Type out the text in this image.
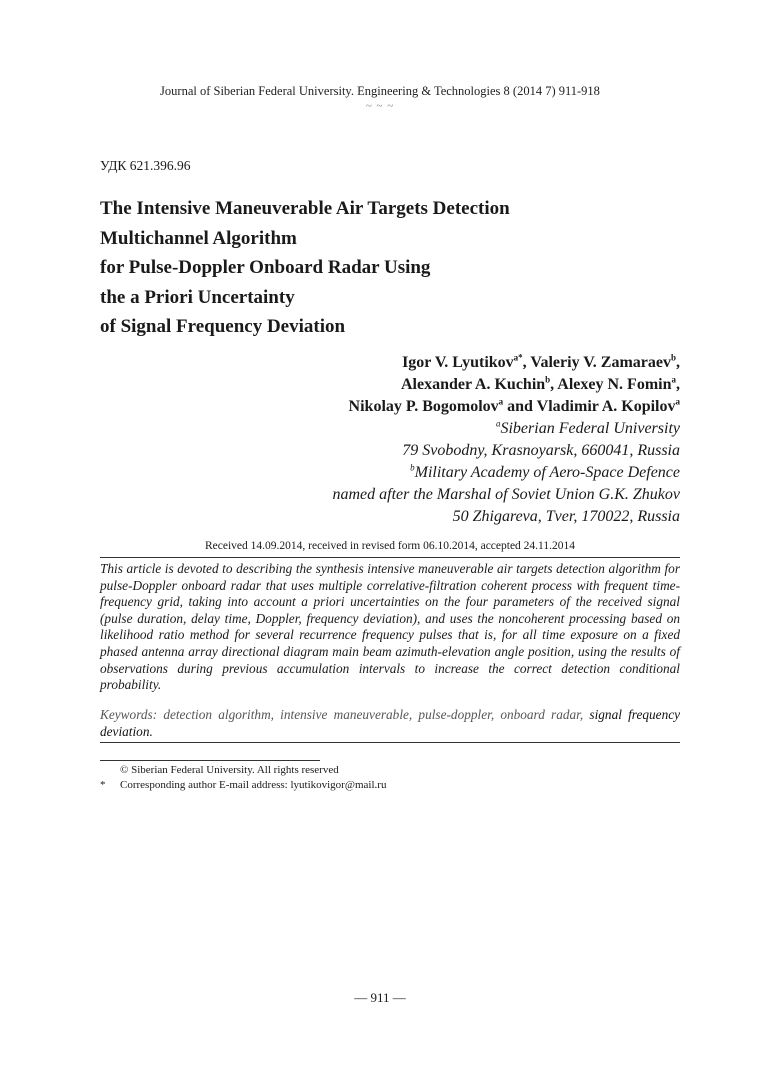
Journal of Siberian Federal University. Engineering & Technologies 8 (2014 7) 911-918
~ ~ ~
УДК 621.396.96
The Intensive Maneuverable Air Targets Detection
Multichannel Algorithm
for Pulse-Doppler Onboard Radar Using
the a Priori Uncertainty
of Signal Frequency Deviation
Igor V. Lyutikov$^{a*}$, Valeriy V. Zamaraev$^b$,
Alexander A. Kuchin$^b$, Alexey N. Fomin$^a$,
Nikolay P. Bogomolov$^a$ and Vladimir A. Kopilov$^a$
$^a$Siberian Federal University
79 Svobodny, Krasnoyarsk, 660041, Russia
$^b$Military Academy of Aero-Space Defence
named after the Marshal of Soviet Union G.K. Zhukov
50 Zhigareva, Tver, 170022, Russia
Received 14.09.2014, received in revised form 06.10.2014, accepted 24.11.2014
This article is devoted to describing the synthesis intensive maneuverable air targets detection algorithm for pulse-Doppler onboard radar that uses multiple correlative-filtration coherent process with frequent time-frequency grid, taking into account a priori uncertainties on the four parameters of the received signal (pulse duration, delay time, Doppler, frequency deviation), and uses the noncoherent processing based on likelihood ratio method for several recurrence frequency pulses that is, for all time exposure on a fixed phased antenna array directional diagram main beam azimuth-elevation angle position, using the results of observations during previous accumulation intervals to increase the correct detection conditional probability.
Keywords: detection algorithm, intensive maneuverable, pulse-doppler, onboard radar, signal frequency deviation.
© Siberian Federal University. All rights reserved
* Corresponding author E-mail address: lyutikovigor@mail.ru
— 911 —
